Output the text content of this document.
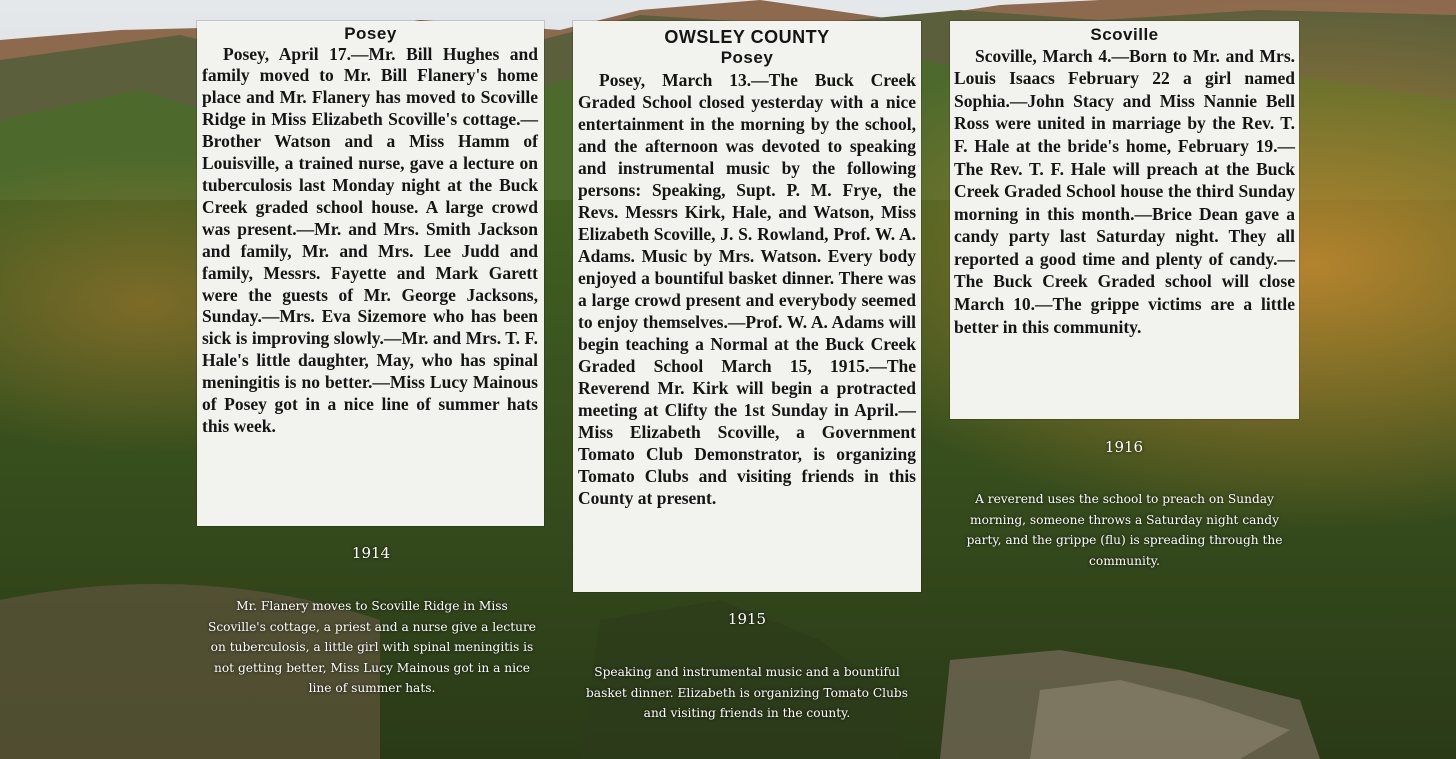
Posey
Posey, April 17.—Mr. Bill Hughes and family moved to Mr. Bill Flanery's home place and Mr. Flanery has moved to Scoville Ridge in Miss Elizabeth Scoville's cottage.—Brother Watson and a Miss Hamm of Louisville, a trained nurse, gave a lecture on tuberculosis last Monday night at the Buck Creek graded school house. A large crowd was present.—Mr. and Mrs. Smith Jackson and family, Mr. and Mrs. Lee Judd and family, Messrs. Fayette and Mark Garett were the guests of Mr. George Jacksons, Sunday.—Mrs. Eva Sizemore who has been sick is improving slowly.—Mr. and Mrs. T. F. Hale's little daughter, May, who has spinal meningitis is no better.—Miss Lucy Mainous of Posey got in a nice line of summer hats this week.
1914
Mr. Flanery moves to Scoville Ridge in Miss Scoville's cottage, a priest and a nurse give a lecture on tuberculosis, a little girl with spinal meningitis is not getting better, Miss Lucy Mainous got in a nice line of summer hats.
OWSLEY COUNTY
Posey
Posey, March 13.—The Buck Creek Graded School closed yesterday with a nice entertainment in the morning by the school, and the afternoon was devoted to speaking and instrumental music by the following persons: Speaking, Supt. P. M. Frye, the Revs. Messrs Kirk, Hale, and Watson, Miss Elizabeth Scoville, J. S. Rowland, Prof. W. A. Adams. Music by Mrs. Watson. Every body enjoyed a bountiful basket dinner. There was a large crowd present and everybody seemed to enjoy themselves.—Prof. W. A. Adams will begin teaching a Normal at the Buck Creek Graded School March 15, 1915.—The Reverend Mr. Kirk will begin a protracted meeting at Clifty the 1st Sunday in April.—Miss Elizabeth Scoville, a Government Tomato Club Demonstrator, is organizing Tomato Clubs and visiting friends in this County at present.
1915
Speaking and instrumental music and a bountiful basket dinner. Elizabeth is organizing Tomato Clubs and visiting friends in the county.
Scoville
Scoville, March 4.—Born to Mr. and Mrs. Louis Isaacs February 22 a girl named Sophia.—John Stacy and Miss Nannie Bell Ross were united in marriage by the Rev. T. F. Hale at the bride's home, February 19.—The Rev. T. F. Hale will preach at the Buck Creek Graded School house the third Sunday morning in this month.—Brice Dean gave a candy party last Saturday night. They all reported a good time and plenty of candy.—The Buck Creek Graded school will close March 10.—The grippe victims are a little better in this community.
1916
A reverend uses the school to preach on Sunday morning, someone throws a Saturday night candy party, and the grippe (flu) is spreading through the community.
